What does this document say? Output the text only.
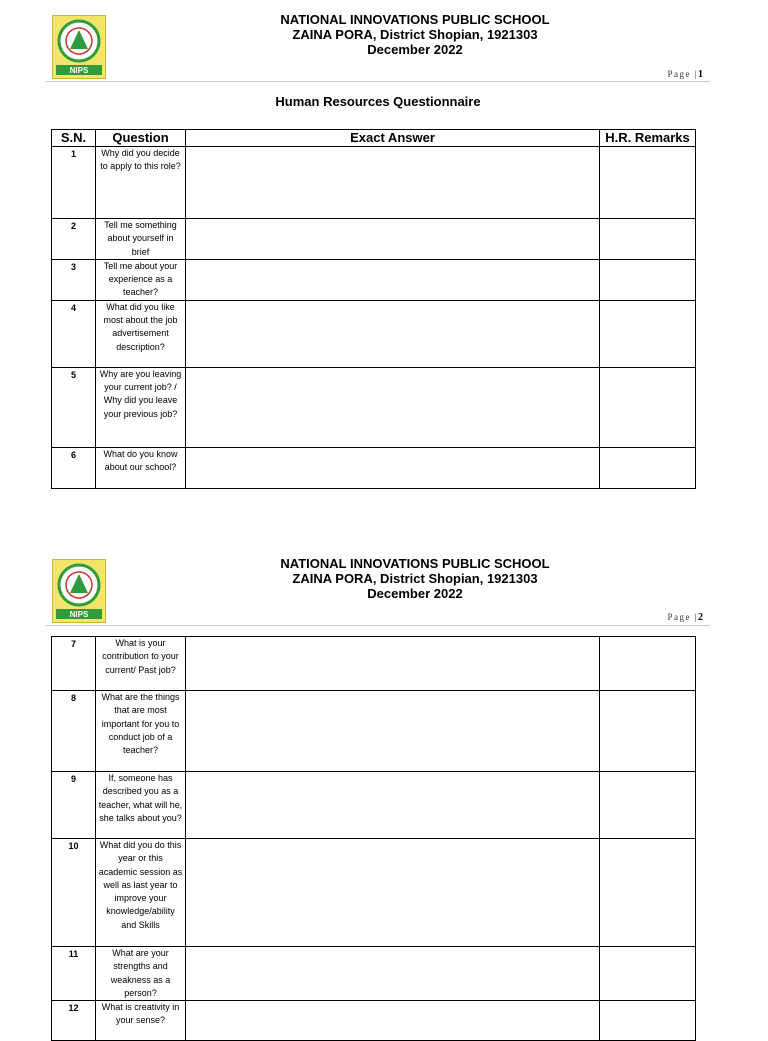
NIPS
NATIONAL INNOVATIONS PUBLIC SCHOOL
ZAINA PORA, District Shopian, 1921303
December 2022
Page |1
Human Resources Questionnaire
S.N.	Question	Exact Answer	H.R. Remarks
1	Why did you decide to apply to this role?		
2	Tell me something about yourself in brief		
3	Tell me about your experience as a teacher?		
4	What did you like most about the job advertisement description?		
5	Why are you leaving your current job? / Why did you leave your previous job?		
6	What do you know about our school?		
NIPS
NATIONAL INNOVATIONS PUBLIC SCHOOL
ZAINA PORA, District Shopian, 1921303
December 2022
Page |2
7	What is your contribution to your current/ Past job?		
8	What are the things that are most important for you to conduct job of a teacher?		
9	If, someone has described you as a teacher, what will he, she talks about you?		
10	What did you do this year or this academic session as well as last year to improve your knowledge/ability and Skills		
11	What are your strengths and weakness as a person?		
12	What is creativity in your sense?		
